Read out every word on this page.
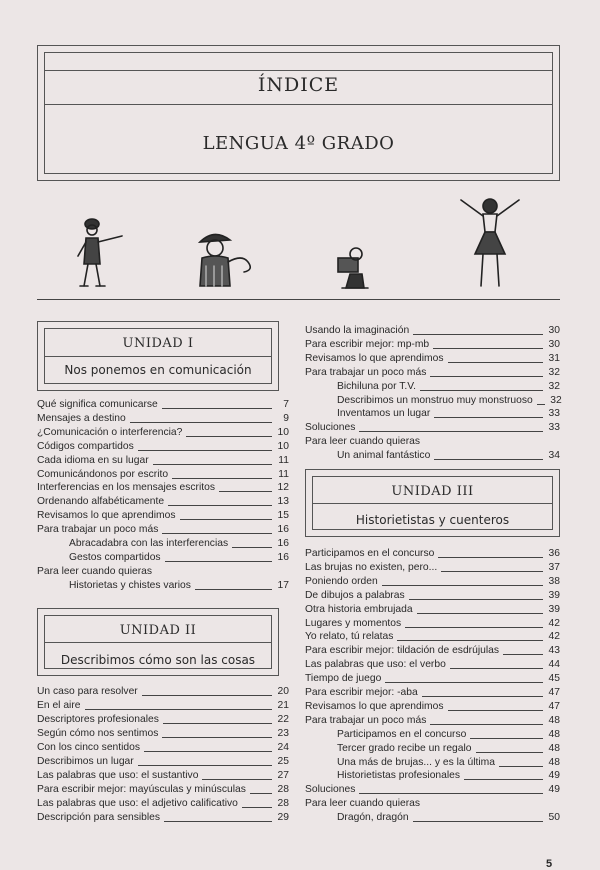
ÍNDICE
LENGUA 4º GRADO
UNIDAD I
Nos ponemos en comunicación
UNIDAD II
Describimos cómo son las cosas
UNIDAD III
Historietistas y cuenteros
Qué significa comunicarse	7
Mensajes a destino	9
¿Comunicación o interferencia?	10
Códigos compartidos	10
Cada idioma en su lugar	11
Comunicándonos por escrito	11
Interferencias en los mensajes escritos	12
Ordenando alfabéticamente	13
Revisamos lo que aprendimos	15
Para trabajar un poco más	16
Abracadabra con las interferencias	16
Gestos compartidos	16
Para leer cuando quieras
Historietas y chistes varios	17
Un caso para resolver	20
En el aire	21
Descriptores profesionales	22
Según cómo nos sentimos	23
Con los cinco sentidos	24
Describimos un lugar	25
Las palabras que uso: el sustantivo	27
Para escribir mejor: mayúsculas y minúsculas	28
Las palabras que uso: el adjetivo calificativo	28
Descripción para sensibles	29
Usando la imaginación	30
Para escribir mejor: mp-mb	30
Revisamos lo que aprendimos	31
Para trabajar un poco más	32
Bichiluna por T.V.	32
Describimos un monstruo muy monstruoso 32
Inventamos un lugar	33
Soluciones	33
Para leer cuando quieras
Un animal fantástico	34
Participamos en el concurso	36
Las brujas no existen, pero...	37
Poniendo orden	38
De dibujos a palabras	39
Otra historia embrujada	39
Lugares y momentos	42
Yo relato, tú relatas	42
Para escribir mejor: tildación de esdrújulas	43
Las palabras que uso: el verbo	44
Tiempo de juego	45
Para escribir mejor: -aba	47
Revisamos lo que aprendimos	47
Para trabajar un poco más	48
Participamos en el concurso	48
Tercer grado recibe un regalo	48
Una más de brujas... y es la última	48
Historietistas profesionales	49
Soluciones	49
Para leer cuando quieras
Dragón, dragón	50
5
